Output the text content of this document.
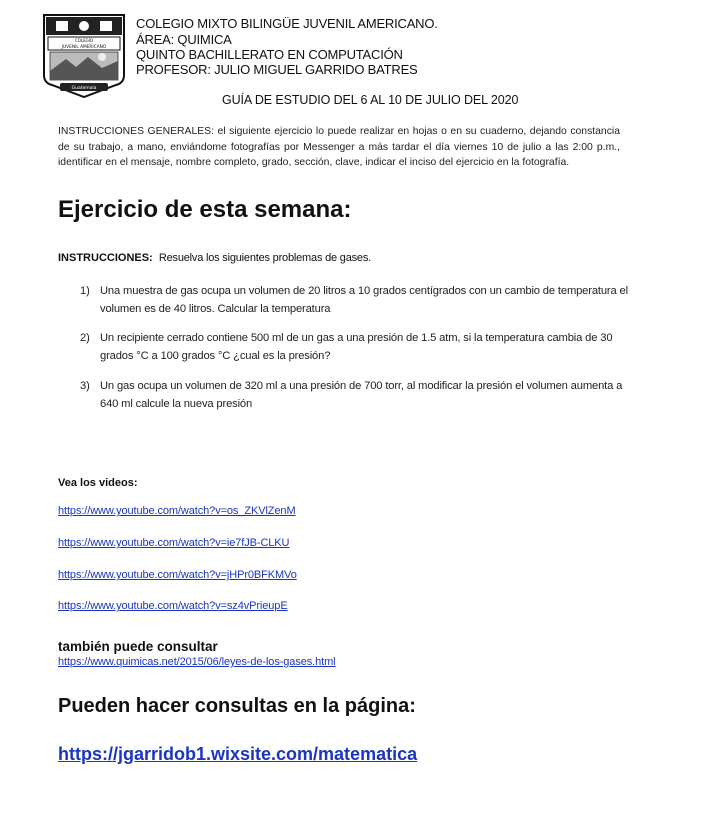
COLEGIO
JUVENIL AMERICANO
Guatemala
COLEGIO MIXTO BILINGÜE JUVENIL AMERICANO.
ÁREA: QUIMICA
QUINTO BACHILLERATO EN COMPUTACIÓN
PROFESOR: JULIO MIGUEL GARRIDO BATRES
GUÍA DE ESTUDIO DEL 6 AL 10 DE JULIO DEL 2020
INSTRUCCIONES GENERALES: el siguiente ejercicio lo puede realizar en hojas o en su cuaderno, dejando constancia de su trabajo, a mano, enviándome fotografías por Messenger a más tardar el día viernes 10 de julio a las 2:00 p.m., identificar en el mensaje, nombre completo, grado, sección, clave, indicar el inciso del ejercicio en la fotografía.
Ejercicio de esta semana:
INSTRUCCIONES: Resuelva los siguientes problemas de gases.
1) Una muestra de gas ocupa un volumen de 20 litros a 10 grados centígrados con un cambio de temperatura el volumen es de 40 litros. Calcular la temperatura
2) Un recipiente cerrado contiene 500 ml de un gas a una presión de 1.5 atm, si la temperatura cambia de 30 grados °C a 100 grados °C ¿cual es la presión?
3) Un gas ocupa un volumen de 320 ml a una presión de 700 torr, al modificar la presión el volumen aumenta a 640 ml calcule la nueva presión
Vea los videos:
https://www.youtube.com/watch?v=os_ZKVlZenM
https://www.youtube.com/watch?v=ie7fJB-CLKU
https://www.youtube.com/watch?v=jHPr0BFKMVo
https://www.youtube.com/watch?v=sz4vPrieupE
también puede consultar
https://www.quimicas.net/2015/06/leyes-de-los-gases.html
Pueden hacer consultas en la página:
https://jgarridob1.wixsite.com/matematica
